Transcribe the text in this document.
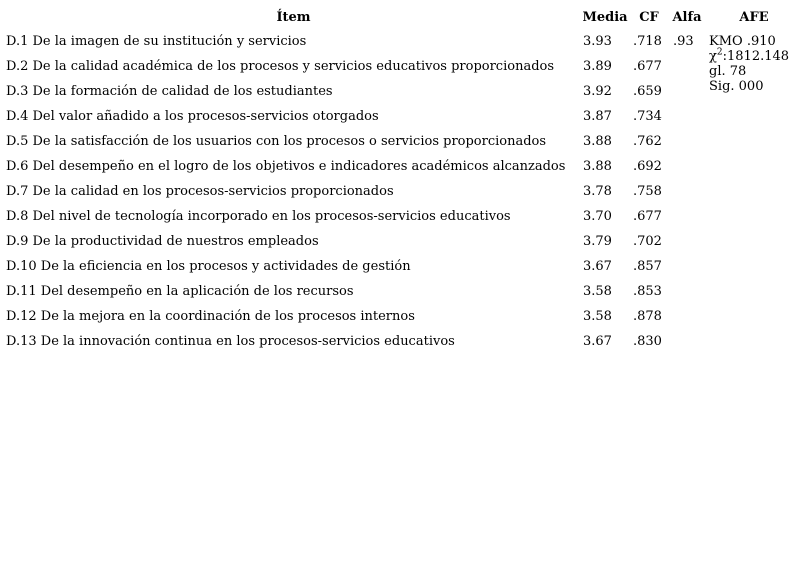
Ítem	Media	CF	Alfa	AFE
D.1 De la imagen de su institución y servicios	3.93	.718	.93	KMO .910
$\chi^2:1812.148$
gl. 78
Sig. 000

D.2 De la calidad académica de los procesos y servicios educativos proporcionados	3.89	.677		
D.3 De la formación de calidad de los estudiantes	3.92	.659		
D.4 Del valor añadido a los procesos-servicios otorgados	3.87	.734		
D.5 De la satisfacción de los usuarios con los procesos o servicios proporcionados	3.88	.762		
D.6 Del desempeño en el logro de los objetivos e indicadores académicos alcanzados	3.88	.692		
D.7 De la calidad en los procesos-servicios proporcionados	3.78	.758		
D.8 Del nivel de tecnología incorporado en los procesos-servicios educativos	3.70	.677		
D.9 De la productividad de nuestros empleados	3.79	.702		
D.10 De la eficiencia en los procesos y actividades de gestión	3.67	.857		
D.11 Del desempeño en la aplicación de los recursos	3.58	.853		
D.12 De la mejora en la coordinación de los procesos internos	3.58	.878		
D.13 De la innovación continua en los procesos-servicios educativos	3.67	.830		
